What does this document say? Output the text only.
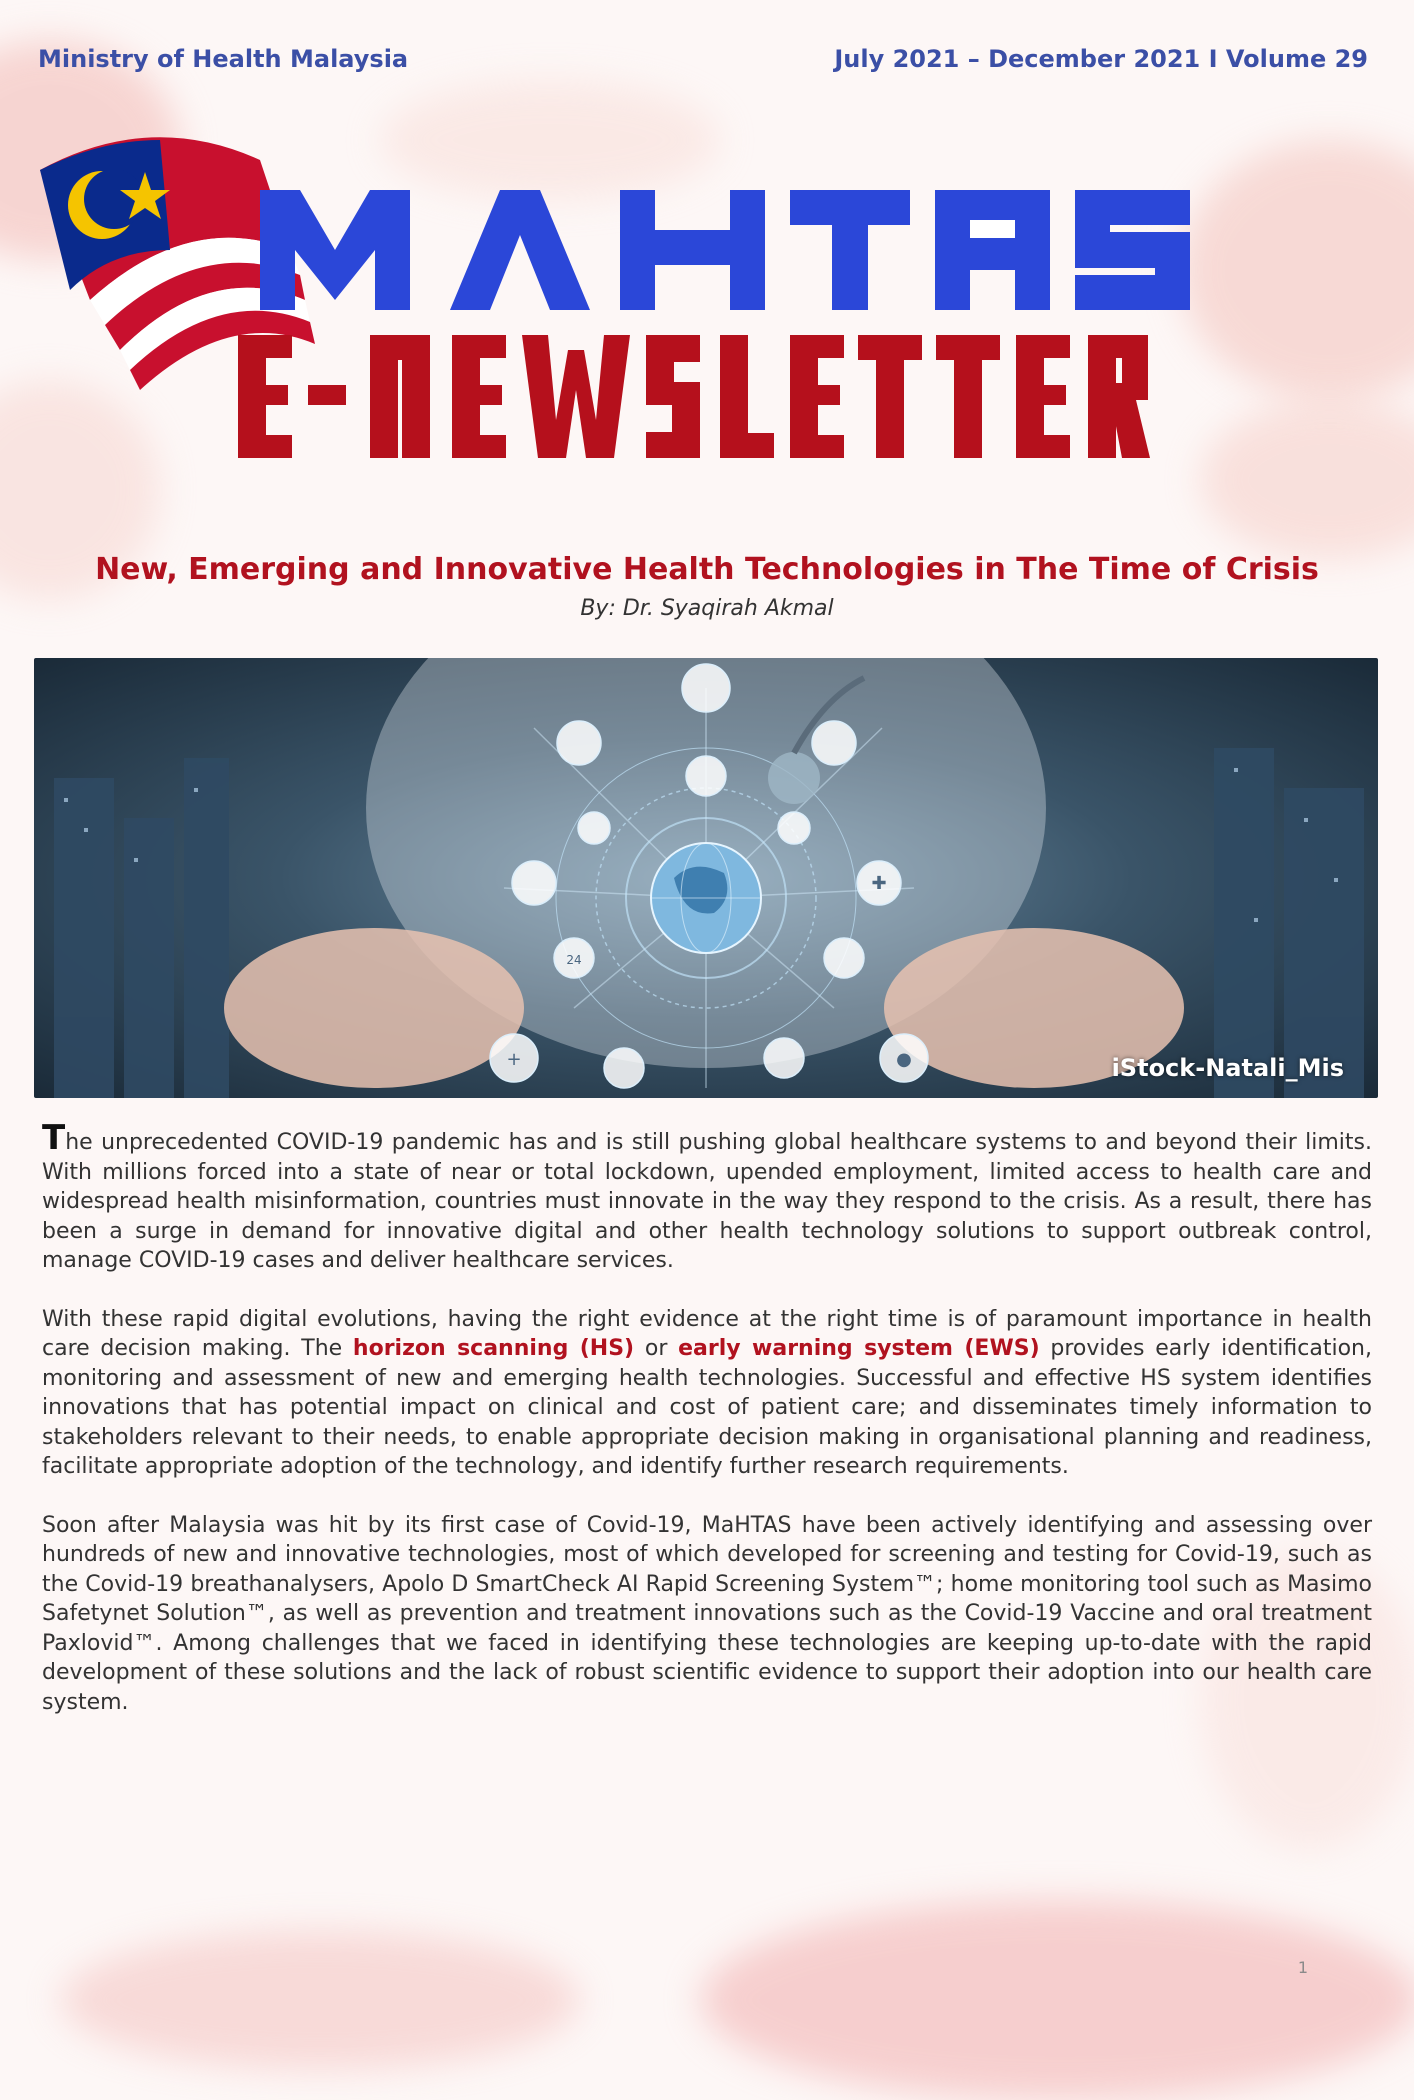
Ministry of Health Malaysia	July 2021 – December 2021 I Volume 29
New, Emerging and Innovative Health Technologies in The Time of Crisis
By: Dr. Syaqirah Akmal
+
24
●
✚
iStock-Natali_Mis

The unprecedented COVID-19 pandemic has and is still pushing global healthcare systems to and beyond their limits. With millions forced into a state of near or total lockdown, upended employment, limited access to health care and widespread health misinformation, countries must innovate in the way they respond to the crisis. As a result, there has been a surge in demand for innovative digital and other health technology solutions to support outbreak control, manage COVID-19 cases and deliver healthcare services.

With these rapid digital evolutions, having the right evidence at the right time is of paramount importance in health care decision making. The horizon scanning (HS) or early warning system (EWS) provides early identification, monitoring and assessment of new and emerging health technologies. Successful and effective HS system identifies innovations that has potential impact on clinical and cost of patient care; and disseminates timely information to stakeholders relevant to their needs, to enable appropriate decision making in organisational planning and readiness, facilitate appropriate adoption of the technology, and identify further research requirements.

Soon after Malaysia was hit by its first case of Covid-19, MaHTAS have been actively identifying and assessing over hundreds of new and innovative technologies, most of which developed for screening and testing for Covid-19, such as the Covid-19 breathanalysers, Apolo D SmartCheck AI Rapid Screening System™; home monitoring tool such as Masimo Safetynet Solution™, as well as prevention and treatment innovations such as the Covid-19 Vaccine and oral treatment Paxlovid™. Among challenges that we faced in identifying these technologies are keeping up-to-date with the rapid development of these solutions and the lack of robust scientific evidence to support their adoption into our health care system.

1
